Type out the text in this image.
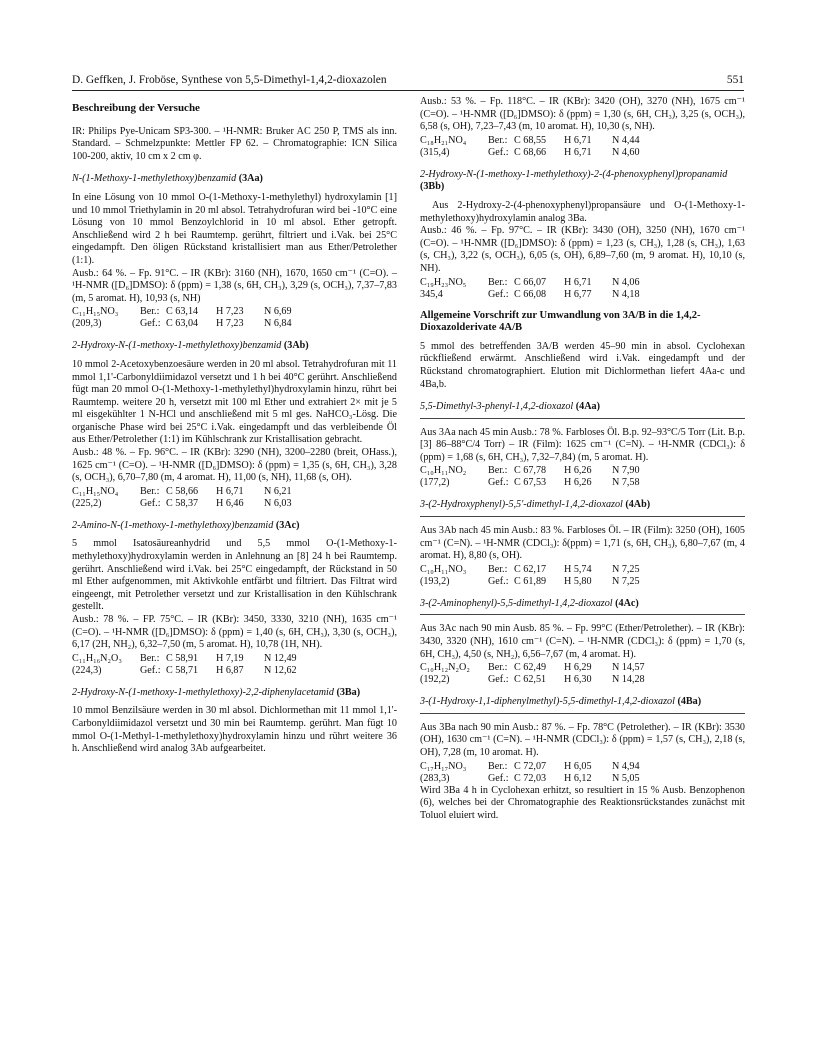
D. Geffken, J. Froböse, Synthese von 5,5-Dimethyl-1,4,2-dioxazolen	551
Beschreibung der Versuche

IR: Philips Pye-Unicam SP3-300. – ¹H-NMR: Bruker AC 250 P, TMS als inn. Standard. – Schmelzpunkte: Mettler FP 62. – Chromatographie: ICN Silica 100-200, aktiv, 10 cm x 2 cm φ.

N-(1-Methoxy-1-methylethoxy)benzamid (3Aa)

In eine Lösung von 10 mmol O-(1-Methoxy-1-methylethyl) hydroxylamin [1] und 10 mmol Triethylamin in 20 ml absol. Tetrahydrofuran wird bei -10°C eine Lösung von 10 mmol Benzoylchlorid in 10 ml absol. Ether getropft. Anschließend wird 2 h bei Raumtemp. gerührt, filtriert und i.Vak. bei 25°C eingedampft. Den öligen Rückstand kristallisiert man aus Ether/Petrolether (1:1).

Ausb.: 64 %. – Fp. 91°C. – IR (KBr): 3160 (NH), 1670, 1650 cm⁻¹ (C=O). – ¹H-NMR ([D₆]DMSO): δ (ppm) = 1,38 (s, 6H, CH₃), 3,29 (s, OCH₃), 7,37–7,83 (m, 5 aromat. H), 10,93 (s, NH)

C₁₁H₁₅NO₃	Ber.:	C 63,14	H 7,23	N 6,69
(209,3)	Gef.:	C 63,04	H 7,23	N 6,84
2-Hydroxy-N-(1-methoxy-1-methylethoxy)benzamid (3Ab)

10 mmol 2-Acetoxybenzoesäure werden in 20 ml absol. Tetrahydrofuran mit 11 mmol 1,1'-Carbonyldiimidazol versetzt und 1 h bei 40°C gerührt. Anschließend fügt man 20 mmol O-(1-Methoxy-1-methylethyl)hydroxylamin hinzu, rührt bei Raumtemp. weitere 20 h, versetzt mit 100 ml Ether und extrahiert 2× mit je 5 ml eisgekühlter 1 N-HCl und anschließend mit 5 ml ges. NaHCO₃-Lösg. Die organische Phase wird bei 25°C i.Vak. eingedampft und das verbleibende Öl aus Ether/Petrolether (1:1) im Kühlschrank zur Kristallisation gebracht.

Ausb.: 48 %. – Fp. 96°C. – IR (KBr): 3290 (NH), 3200–2280 (breit, OHass.), 1625 cm⁻¹ (C=O). – ¹H-NMR ([D₆]DMSO): δ (ppm) = 1,35 (s, 6H, CH₃), 3,28 (s, OCH₃), 6,70–7,80 (m, 4 aromat. H), 11,00 (s, NH), 11,68 (s, OH).

C₁₁H₁₅NO₄	Ber.:	C 58,66	H 6,71	N 6,21
(225,2)	Gef.:	C 58,37	H 6,46	N 6,03
2-Amino-N-(1-methoxy-1-methylethoxy)benzamid (3Ac)

5 mmol Isatosäureanhydrid und 5,5 mmol O-(1-Methoxy-1-methylethoxy)hydroxylamin werden in Anlehnung an [8] 24 h bei Raumtemp. gerührt. Anschließend wird i.Vak. bei 25°C eingedampft, der Rückstand in 50 ml Ether aufgenommen, mit Aktivkohle entfärbt und filtriert. Das Filtrat wird eingeengt, mit Petrolether versetzt und zur Kristallisation in den Kühlschrank gestellt.

Ausb.: 78 %. – FP. 75°C. – IR (KBr): 3450, 3330, 3210 (NH), 1635 cm⁻¹ (C=O). – ¹H-NMR ([D₆]DMSO): δ (ppm) = 1,40 (s, 6H, CH₃), 3,30 (s, OCH₃), 6,17 (2H, NH₂), 6,32–7,50 (m, 5 aromat. H), 10,78 (1H, NH).

C₁₁H₁₆N₂O₃	Ber.:	C 58,91	H 7,19	N 12,49
(224,3)	Gef.:	C 58,71	H 6,87	N 12,62
2-Hydroxy-N-(1-methoxy-1-methylethoxy)-2,2-diphenylacetamid (3Ba)

10 mmol Benzilsäure werden in 30 ml absol. Dichlormethan mit 11 mmol 1,1'-Carbonyldiimidazol versetzt und 30 min bei Raumtemp. gerührt. Man fügt 10 mmol O-(1-Methyl-1-methylethoxy)hydroxylamin hinzu und rührt weitere 36 h. Anschließend wird analog 3Ab aufgearbeitet.

Ausb.: 53 %. – Fp. 118°C. – IR (KBr): 3420 (OH), 3270 (NH), 1675 cm⁻¹ (C=O). – ¹H-NMR ([D₆]DMSO): δ (ppm) = 1,30 (s, 6H, CH₃), 3,25 (s, OCH₃), 6,58 (s, OH), 7,23–7,43 (m, 10 aromat. H), 10,30 (s, NH).

C₁₈H₂₁NO₄	Ber.:	C 68,55	H 6,71	N 4,44
(315,4)	Gef.:	C 68,66	H 6,71	N 4,60
2-Hydroxy-N-(1-methoxy-1-methylethoxy)-2-(4-phenoxyphenyl)propanamid (3Bb)

Aus 2-Hydroxy-2-(4-phenoxyphenyl)propansäure und O-(1-Methoxy-1-methylethoxy)hydroxylamin analog 3Ba.

Ausb.: 46 %. – Fp. 97°C. – IR (KBr): 3430 (OH), 3250 (NH), 1670 cm⁻¹ (C=O). – ¹H-NMR ([D₆]DMSO): δ (ppm) = 1,23 (s, CH₃), 1,28 (s, CH₃), 1,63 (s, CH₃), 3,22 (s, OCH₃), 6,05 (s, OH), 6,89–7,60 (m, 9 aromat. H), 10,10 (s, NH).

C₁₉H₂₃NO₅	Ber.:	C 66,07	H 6,71	N 4,06
345,4	Gef.:	C 66,08	H 6,77	N 4,18
Allgemeine Vorschrift zur Umwandlung von 3A/B in die 1,4,2-Dioxazolderivate 4A/B

5 mmol des betreffenden 3A/B werden 45–90 min in absol. Cyclohexan rückfließend erwärmt. Anschließend wird i.Vak. eingedampft und der Rückstand chromatographiert. Elution mit Dichlormethan liefert 4Aa-c und 4Ba,b.

5,5-Dimethyl-3-phenyl-1,4,2-dioxazol (4Aa)

Aus 3Aa nach 45 min Ausb.: 78 %. Farbloses Öl. B.p. 92–93°C/5 Torr (Lit. B.p. [3] 86–88°C/4 Torr) – IR (Film): 1625 cm⁻¹ (C=N). – ¹H-NMR (CDCl₃): δ (ppm) = 1,68 (s, 6H, CH₃), 7,32–7,84) (m, 5 aromat. H).

C₁₀H₁₁NO₂	Ber.:	C 67,78	H 6,26	N 7,90
(177,2)	Gef.:	C 67,53	H 6,26	N 7,58
3-(2-Hydroxyphenyl)-5,5'-dimethyl-1,4,2-dioxazol (4Ab)

Aus 3Ab nach 45 min Ausb.: 83 %. Farbloses Öl. – IR (Film): 3250 (OH), 1605 cm⁻¹ (C=N). – ¹H-NMR (CDCl₃): δ(ppm) = 1,71 (s, 6H, CH₃), 6,80–7,67 (m, 4 aromat. H), 8,80 (s, OH).

C₁₀H₁₁NO₃	Ber.:	C 62,17	H 5,74	N 7,25
(193,2)	Gef.:	C 61,89	H 5,80	N 7,25
3-(2-Aminophenyl)-5,5-dimethyl-1,4,2-dioxazol (4Ac)

Aus 3Ac nach 90 min Ausb. 85 %. – Fp. 99°C (Ether/Petrolether). – IR (KBr): 3430, 3320 (NH), 1610 cm⁻¹ (C=N). – ¹H-NMR (CDCl₃): δ (ppm) = 1,70 (s, 6H, CH₃), 4,50 (s, NH₂), 6,56–7,67 (m, 4 aromat. H).

C₁₀H₁₂N₂O₂	Ber.:	C 62,49	H 6,29	N 14,57
(192,2)	Gef.:	C 62,51	H 6,30	N 14,28
3-(1-Hydroxy-1,1-diphenylmethyl)-5,5-dimethyl-1,4,2-dioxazol (4Ba)

Aus 3Ba nach 90 min Ausb.: 87 %. – Fp. 78°C (Petrolether). – IR (KBr): 3530 (OH), 1630 cm⁻¹ (C=N). – ¹H-NMR (CDCl₃): δ (ppm) = 1,57 (s, CH₃), 2,18 (s, OH), 7,28 (m, 10 aromat. H).

C₁₇H₁₇NO₃	Ber.:	C 72,07	H 6,05	N 4,94
(283,3)	Gef.:	C 72,03	H 6,12	N 5,05

Wird 3Ba 4 h in Cyclohexan erhitzt, so resultiert in 15 % Ausb. Benzophenon (6), welches bei der Chromatographie des Reaktionsrückstandes zunächst mit Toluol eluiert wird.
